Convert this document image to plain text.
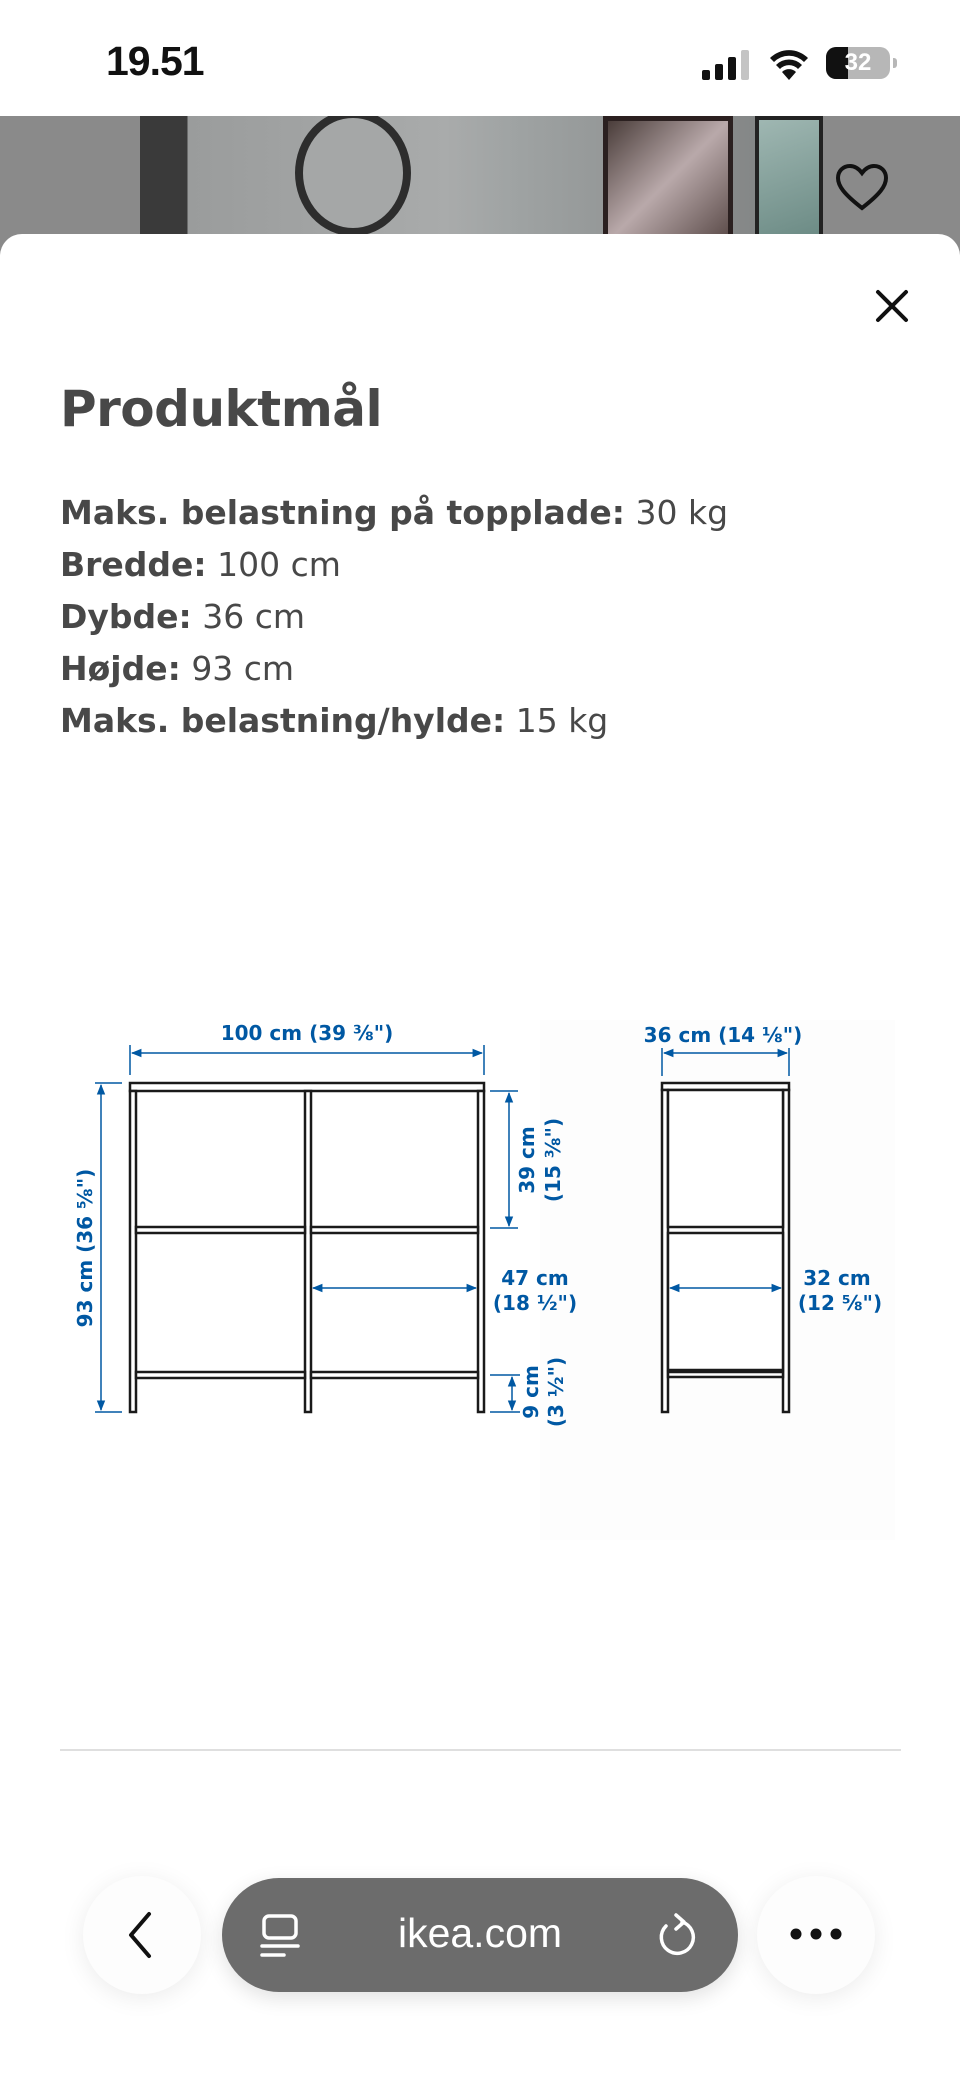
19.51	32
Produktmål
Maks. belastning på topplade: 30 kg
Bredde: 100 cm
Dybde: 36 cm
Højde: 93 cm
Maks. belastning/hylde: 15 kg
100 cm (39 ⅜")
93 cm (36 ⅝")
39 cm (15 ⅜")
47 cm
(18 ½")
9 cm (3 ½")
36 cm (14 ⅛")
32 cm
(12 ⅝")
ikea.com
